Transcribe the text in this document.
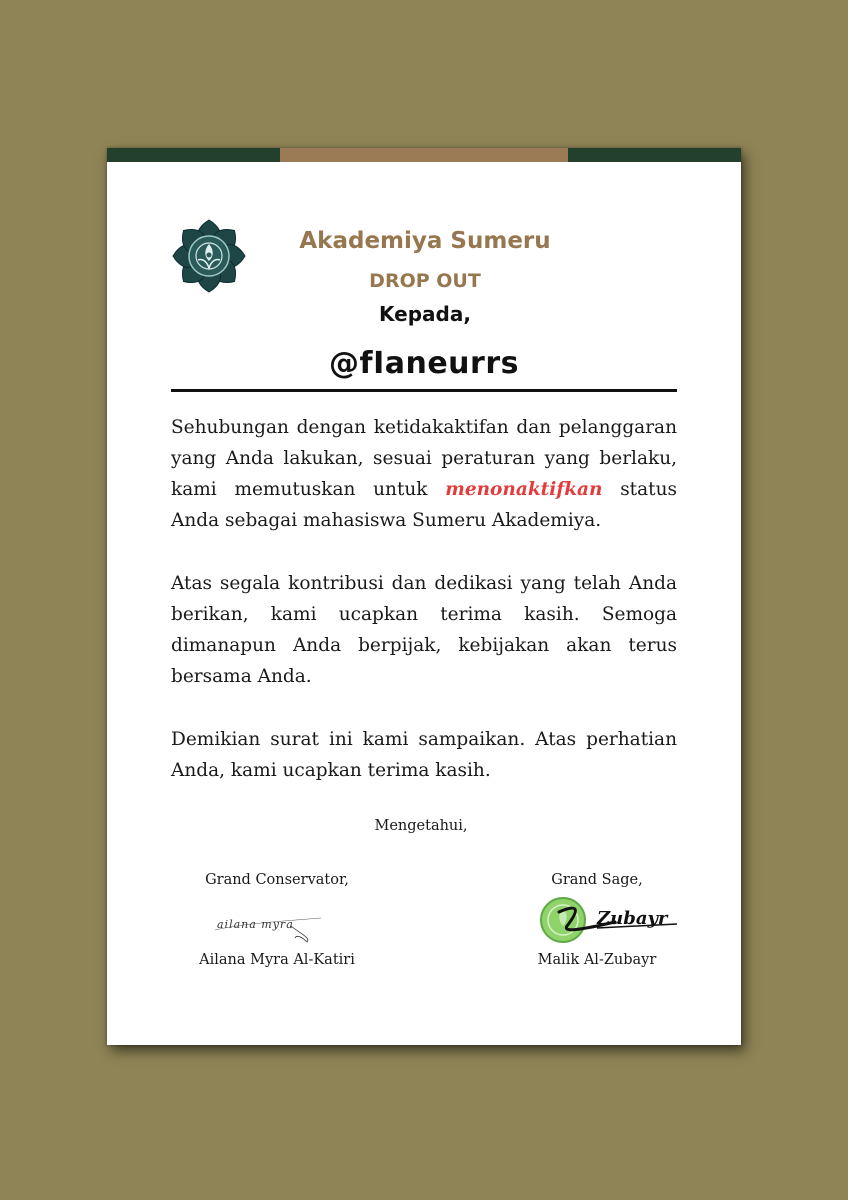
Akademiya Sumeru
DROP OUT
Kepada,
@fIaneurrs
Sehubungan dengan ketidakaktifan dan pelanggaran yang Anda lakukan, sesuai peraturan yang berlaku, kami memutuskan untuk menonaktifkan status Anda sebagai mahasiswa Sumeru Akademiya.
Atas segala kontribusi dan dedikasi yang telah Anda berikan, kami ucapkan terima kasih. Semoga dimanapun Anda berpijak, kebijakan akan terus bersama Anda.
Demikian surat ini kami sampaikan. Atas perhatian Anda, kami ucapkan terima kasih.
Mengetahui,
Grand Conservator,
ailana myra
Ailana Myra Al-Katiri
Grand Sage,
Zubayr
Malik Al-Zubayr
